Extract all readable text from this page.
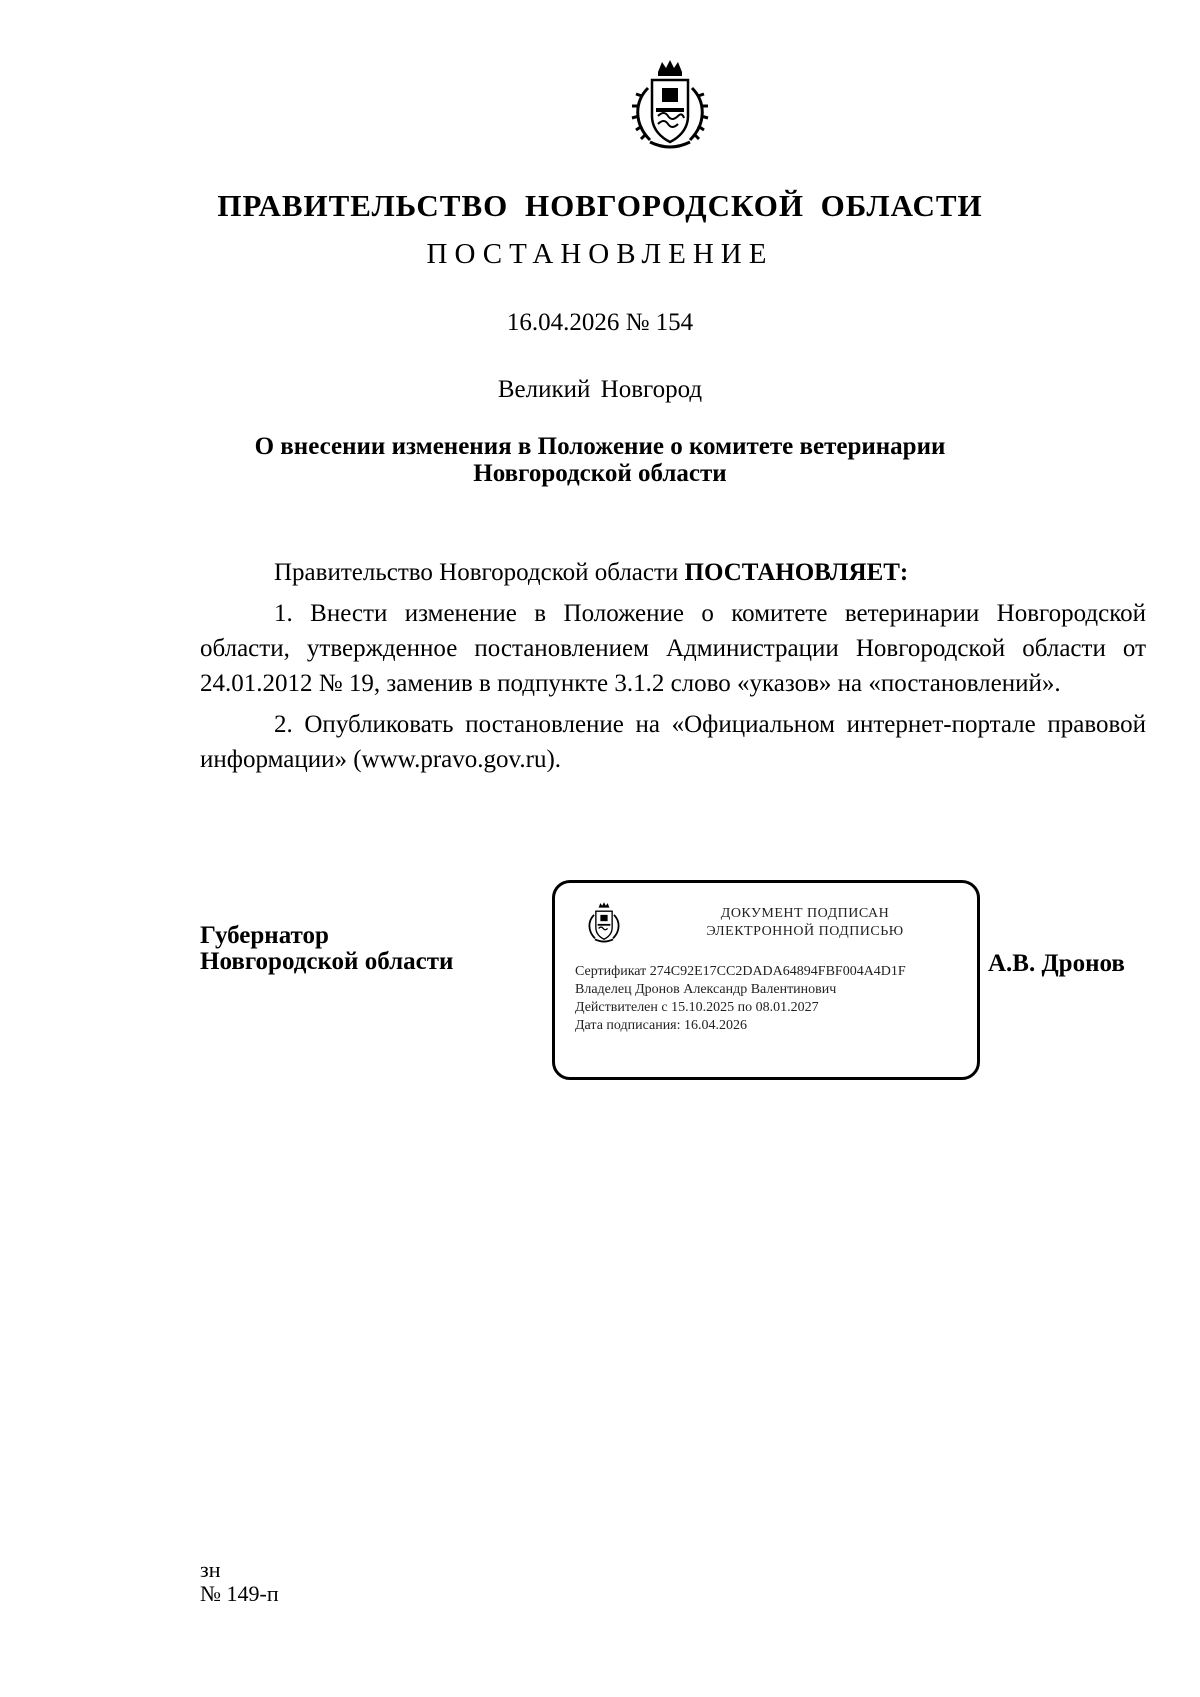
ПРАВИТЕЛЬСТВО НОВГОРОДСКОЙ ОБЛАСТИ
ПОСТАНОВЛЕНИЕ
16.04.2026 № 154
Великий Новгород
О внесении изменения в Положение о комитете ветеринарии
Новгородской области

Правительство Новгородской области ПОСТАНОВЛЯЕТ:

1. Внести изменение в Положение о комитете ветеринарии Новгородской области, утвержденное постановлением Администрации Новгородской области от 24.01.2012 № 19, заменив в подпункте 3.1.2 слово «указов» на «постановлений».

2. Опубликовать постановление на «Официальном интернет-портале правовой информации» (www.pravo.gov.ru).

Губернатор
Новгородской области
ДОКУМЕНТ ПОДПИСАН
ЭЛЕКТРОННОЙ ПОДПИСЬЮ
Сертификат 274C92E17CC2DADA64894FBF004A4D1F
Владелец Дронов Александр Валентинович
Действителен с 15.10.2025 по 08.01.2027
Дата подписания: 16.04.2026
А.В. Дронов
зн
№ 149-п
